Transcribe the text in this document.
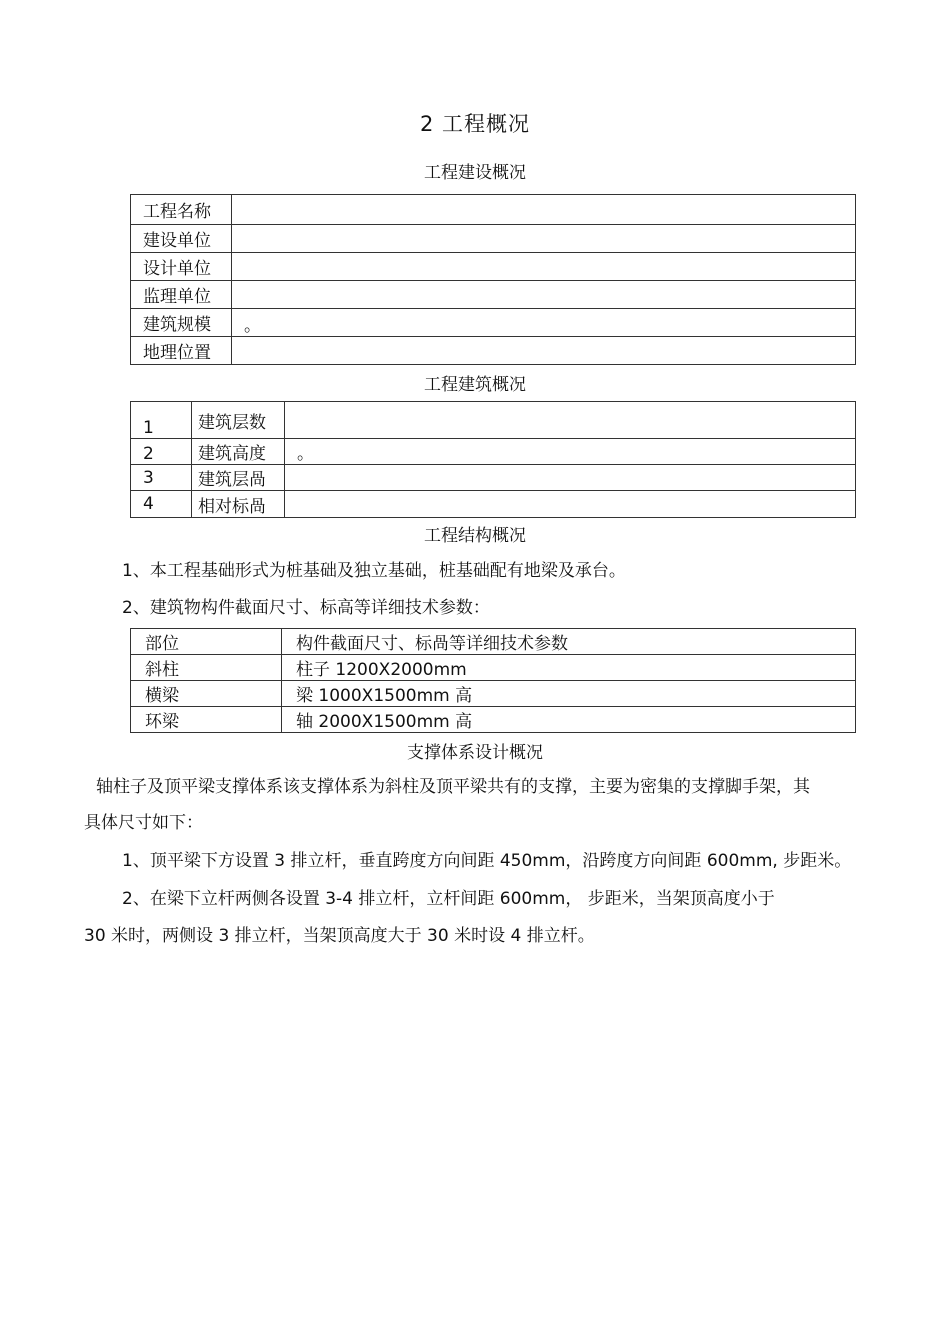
2 工程概况
工程建设概况
工程名称	
建设单位	
设计单位	
监理单位	
建筑规模	。
地理位置	
工程建筑概况
1	建筑层数	
2	建筑高度	。
3	建筑层咼	
4	相对标咼	
工程结构概况
1、本工程基础形式为桩基础及独立基础，桩基础配有地梁及承台。
2、建筑物构件截面尺寸、标高等详细技术参数：
部位	构件截面尺寸、标咼等详细技术参数
斜柱	柱子 1200X2000mm
横梁	梁 1000X1500mm 高
环梁	轴 2000X1500mm 高
支撑体系设计概况
轴柱子及顶平梁支撑体系该支撑体系为斜柱及顶平梁共有的支撑，主要为密集的支撑脚手架，其
具体尺寸如下：
1、顶平梁下方设置 3 排立杆，垂直跨度方向间距 450mm，沿跨度方向间距 600mm, 步距米。
2、在梁下立杆两侧各设置 3-4 排立杆，立杆间距 600mm， 步距米，当架顶高度小于
30 米时，两侧设 3 排立杆，当架顶高度大于 30 米时设 4 排立杆。
